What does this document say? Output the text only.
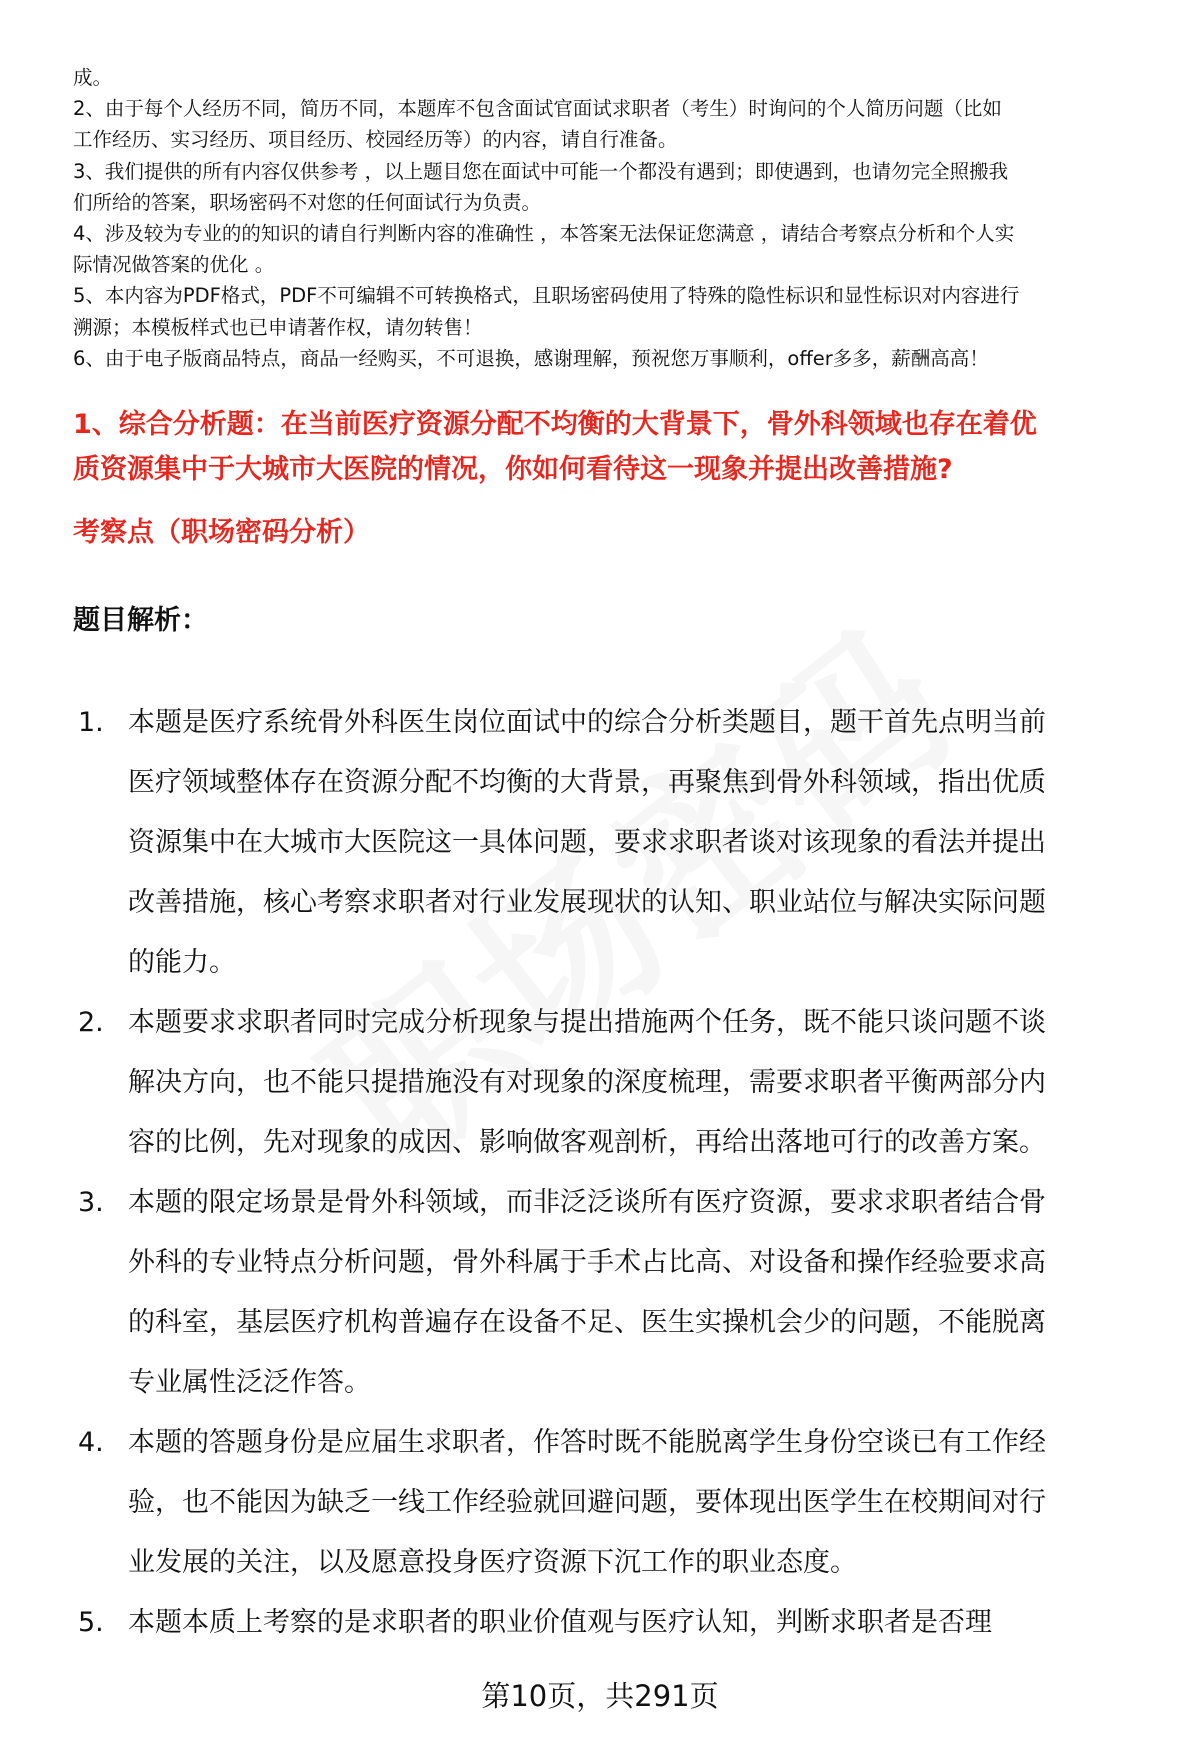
成。

2、由于每个人经历不同，简历不同，本题库不包含面试官面试求职者（考生）时询问的个人简历问题（比如

工作经历、实习经历、项目经历、校园经历等）的内容，请自行准备。

3、我们提供的所有内容仅供参考 ，以上题目您在面试中可能一个都没有遇到；即使遇到，也请勿完全照搬我

们所给的答案，职场密码不对您的任何面试行为负责。

4、涉及较为专业的的知识的请自行判断内容的准确性 ，本答案无法保证您满意 ，请结合考察点分析和个人实

际情况做答案的优化 。

5、本内容为PDF格式，PDF不可编辑不可转换格式，且职场密码使用了特殊的隐性标识和显性标识对内容进行

溯源；本模板样式也已申请著作权，请勿转售！

6、由于电子版商品特点，商品一经购买，不可退换，感谢理解，预祝您万事顺利，offer多多，薪酬高高！

1、综合分析题：在当前医疗资源分配不均衡的大背景下，骨外科领域也存在着优
质资源集中于大城市大医院的情况，你如何看待这一现象并提出改善措施?
考察点（职场密码分析）
题目解析：
1. 本题是医疗系统骨外科医生岗位面试中的综合分析类题目，题干首先点明当前
医疗领域整体存在资源分配不均衡的大背景，再聚焦到骨外科领域，指出优质
资源集中在大城市大医院这一具体问题，要求求职者谈对该现象的看法并提出
改善措施，核心考察求职者对行业发展现状的认知、职业站位与解决实际问题
的能力。
2. 本题要求求职者同时完成分析现象与提出措施两个任务，既不能只谈问题不谈
解决方向，也不能只提措施没有对现象的深度梳理，需要求职者平衡两部分内
容的比例，先对现象的成因、影响做客观剖析，再给出落地可行的改善方案。
3. 本题的限定场景是骨外科领域，而非泛泛谈所有医疗资源，要求求职者结合骨
外科的专业特点分析问题，骨外科属于手术占比高、对设备和操作经验要求高
的科室，基层医疗机构普遍存在设备不足、医生实操机会少的问题，不能脱离
专业属性泛泛作答。
4. 本题的答题身份是应届生求职者，作答时既不能脱离学生身份空谈已有工作经
验，也不能因为缺乏一线工作经验就回避问题，要体现出医学生在校期间对行
业发展的关注，以及愿意投身医疗资源下沉工作的职业态度。
5. 本题本质上考察的是求职者的职业价值观与医疗认知，判断求职者是否理
第10页，共291页
